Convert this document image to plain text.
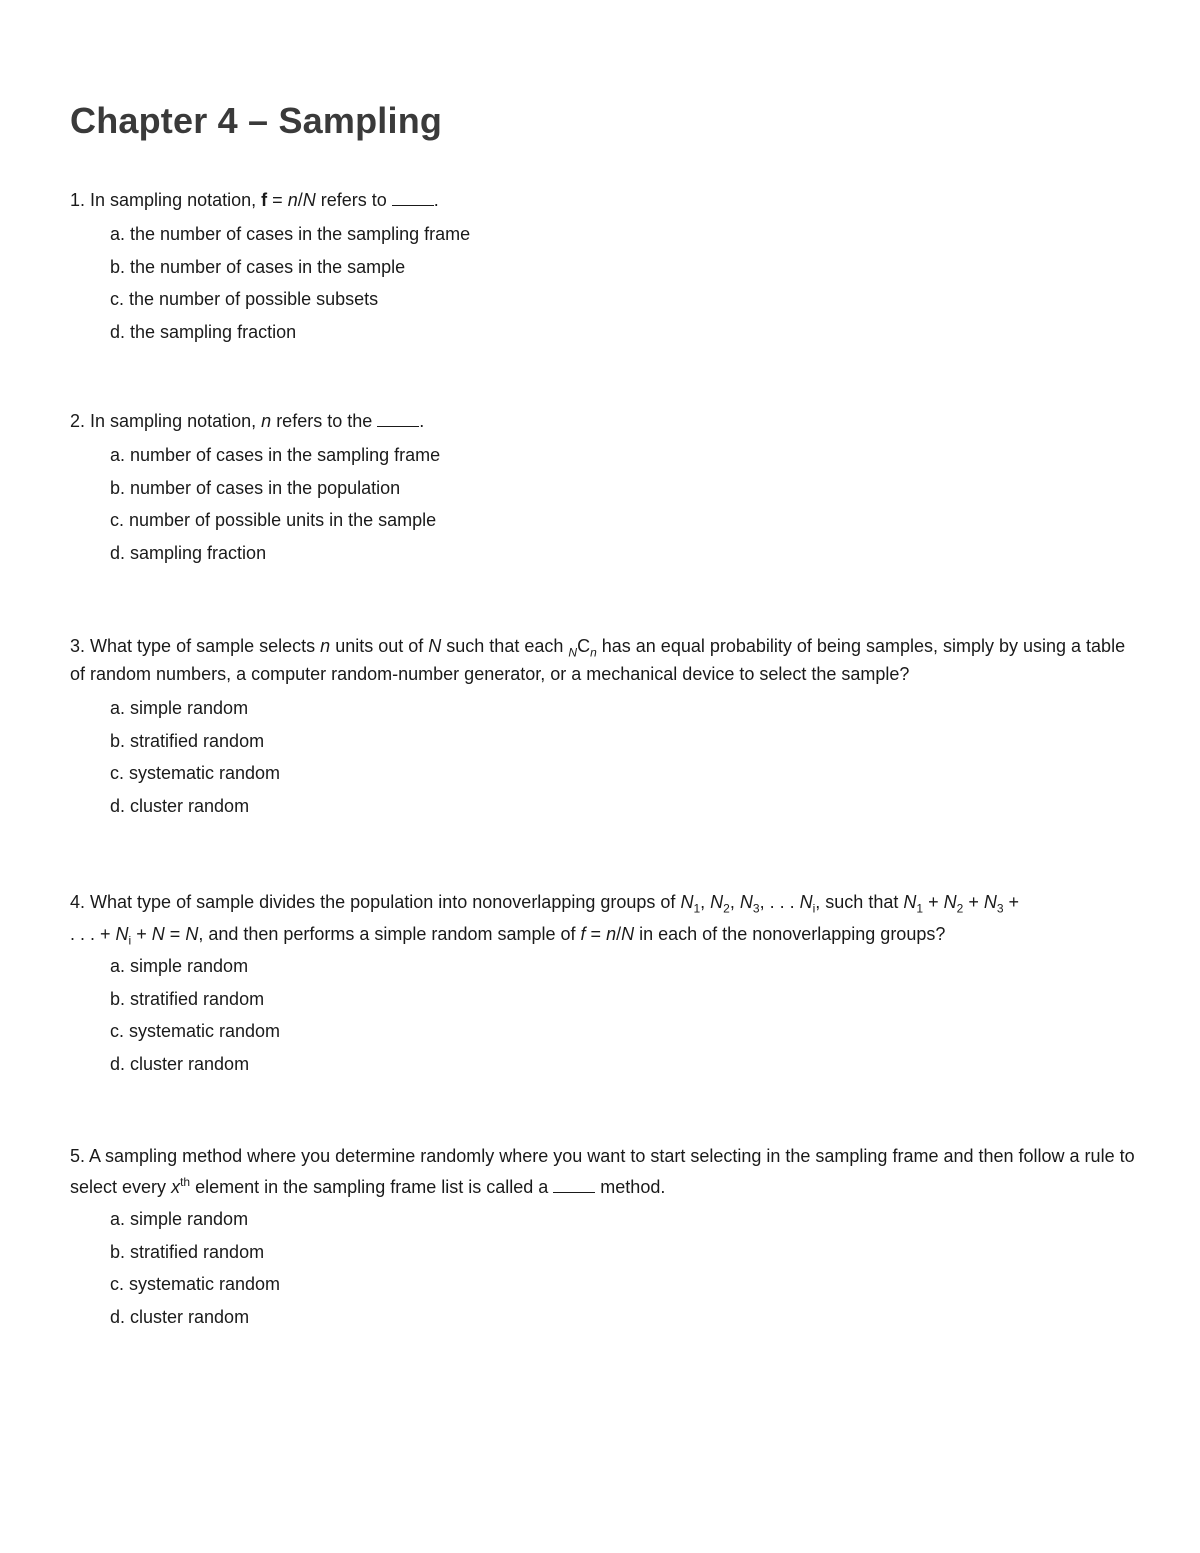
Chapter 4 – Sampling
1. In sampling notation, f = n/N refers to	.
a. the number of cases in the sampling frame
b. the number of cases in the sample
c. the number of possible subsets
d. the sampling fraction
2. In sampling notation, n refers to the	.
a. number of cases in the sampling frame
b. number of cases in the population
c. number of possible units in the sample
d. sampling fraction
3. What type of sample selects n units out of N such that each $_NC_n$ has an equal probability of being samples, simply by using a table of random numbers, a computer random-number generator, or a mechanical device to select the sample?
a. simple random
b. stratified random
c. systematic random
d. cluster random
4. What type of sample divides the population into nonoverlapping groups of $N_1$, $N_2$, $N_3$, . . . $N_i$, such that $N_1 + N_2 + N_3$ +
. . . + $N_i + N = N$, and then performs a simple random sample of f = n/N in each of the nonoverlapping groups?
a. simple random
b. stratified random
c. systematic random
d. cluster random
5. A sampling method where you determine randomly where you want to start selecting in the sampling frame and then follow a rule to select every $x^{th}$ element in the sampling frame list is called a	method.
a. simple random
b. stratified random
c. systematic random
d. cluster random
